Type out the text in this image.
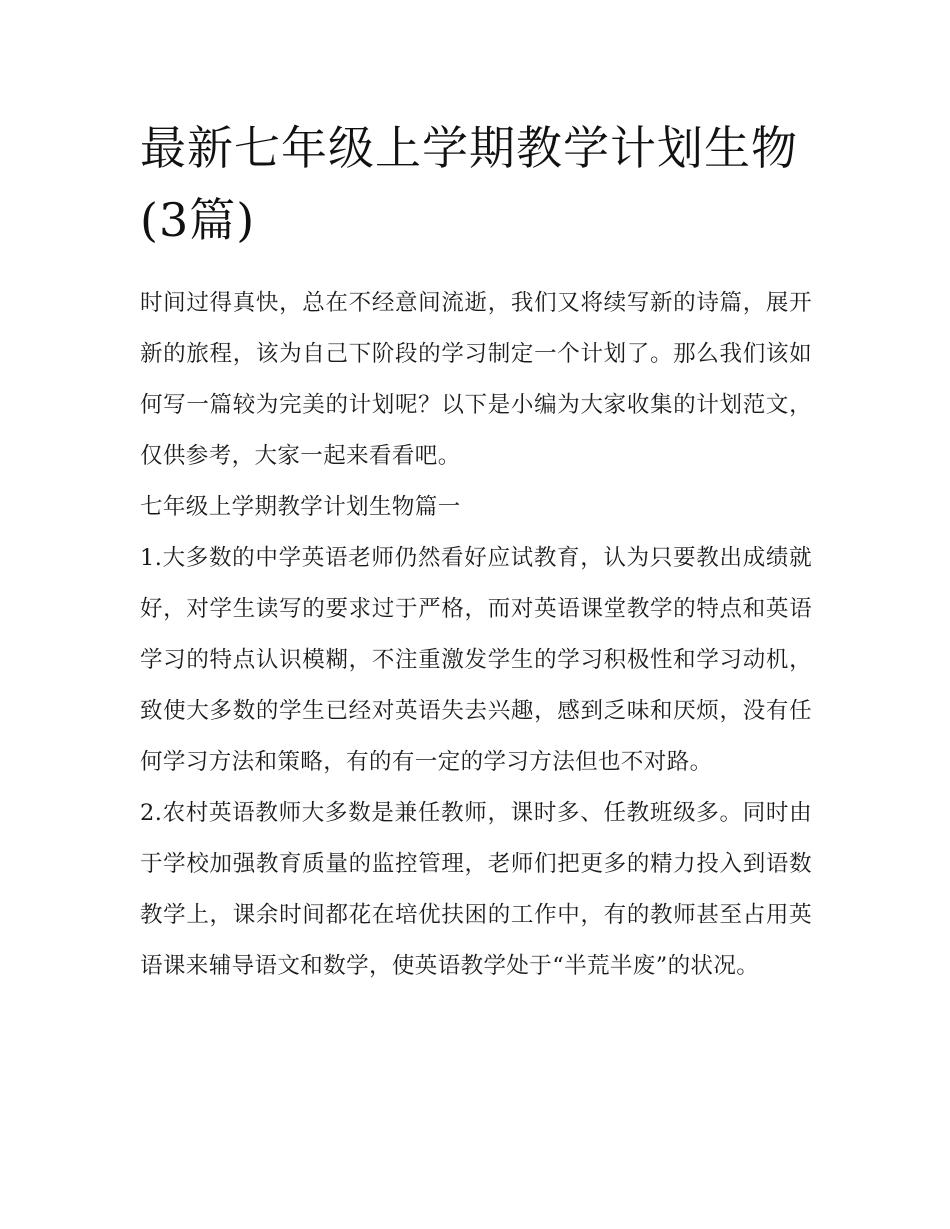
最新七年级上学期教学计划生物(3篇)

时间过得真快，总在不经意间流逝，我们又将续写新的诗篇，展开新的旅程，该为自己下阶段的学习制定一个计划了。那么我们该如何写一篇较为完美的计划呢？以下是小编为大家收集的计划范文，仅供参考，大家一起来看看吧。

七年级上学期教学计划生物篇一

1.大多数的中学英语老师仍然看好应试教育，认为只要教出成绩就好，对学生读写的要求过于严格，而对英语课堂教学的特点和英语学习的特点认识模糊，不注重激发学生的学习积极性和学习动机，致使大多数的学生已经对英语失去兴趣，感到乏味和厌烦，没有任何学习方法和策略，有的有一定的学习方法但也不对路。

2.农村英语教师大多数是兼任教师，课时多、任教班级多。同时由于学校加强教育质量的监控管理，老师们把更多的精力投入到语数教学上，课余时间都花在培优扶困的工作中，有的教师甚至占用英语课来辅导语文和数学，使英语教学处于“半荒半废”的状况。
